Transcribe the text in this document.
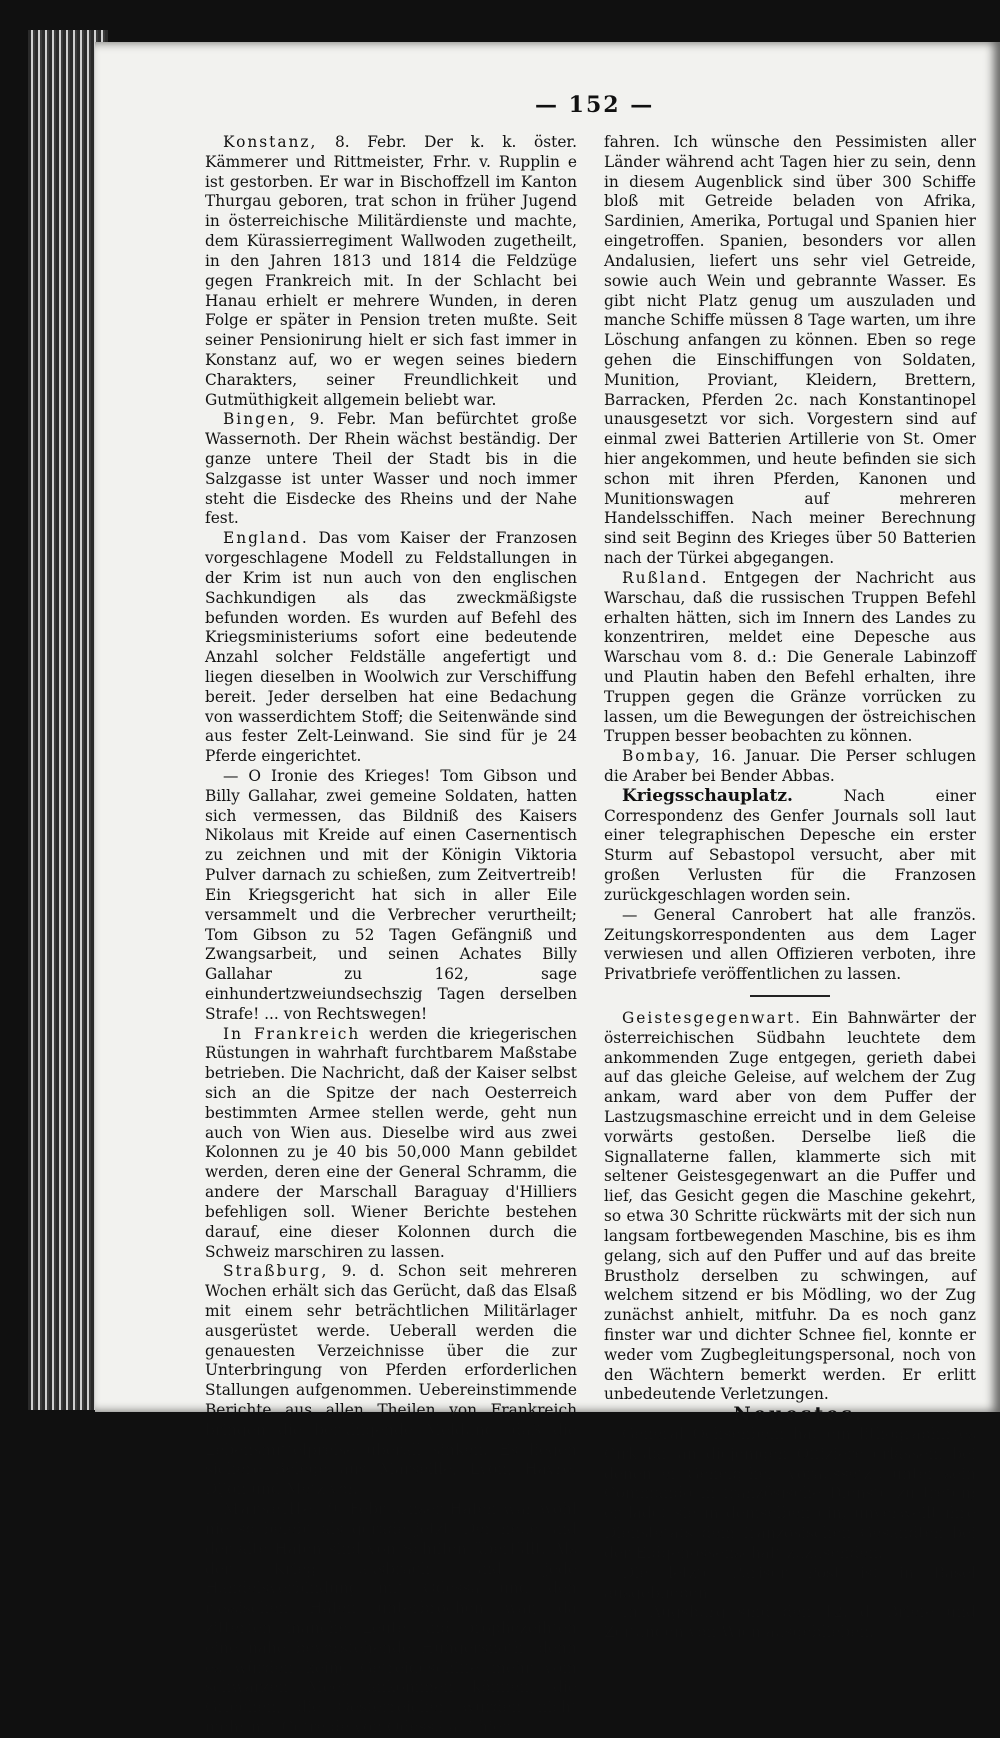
— 152 —

Konstanz, 8. Febr. Der k. k. öster. Kämmerer und Rittmeister, Frhr. v. Rupplin e ist gestorben. Er war in Bischoffzell im Kanton Thurgau geboren, trat schon in früher Jugend in österreichische Militärdienste und machte, dem Kürassierregiment Wallwoden zugetheilt, in den Jahren 1813 und 1814 die Feldzüge gegen Frankreich mit. In der Schlacht bei Hanau erhielt er mehrere Wunden, in deren Folge er später in Pension treten mußte. Seit seiner Pensionirung hielt er sich fast immer in Konstanz auf, wo er wegen seines biedern Charakters, seiner Freundlichkeit und Gutmüthigkeit allgemein beliebt war.

Bingen, 9. Febr. Man befürchtet große Wassernoth. Der Rhein wächst beständig. Der ganze untere Theil der Stadt bis in die Salzgasse ist unter Wasser und noch immer steht die Eisdecke des Rheins und der Nahe fest.

England. Das vom Kaiser der Franzosen vorgeschlagene Modell zu Feldstallungen in der Krim ist nun auch von den englischen Sachkundigen als das zweckmäßigste befunden worden. Es wurden auf Befehl des Kriegsministeriums sofort eine bedeutende Anzahl solcher Feldställe angefertigt und liegen dieselben in Woolwich zur Verschiffung bereit. Jeder derselben hat eine Bedachung von wasserdichtem Stoff; die Seitenwände sind aus fester Zelt-Leinwand. Sie sind für je 24 Pferde eingerichtet.

— O Ironie des Krieges! Tom Gibson und Billy Gallahar, zwei gemeine Soldaten, hatten sich vermessen, das Bildniß des Kaisers Nikolaus mit Kreide auf einen Casernentisch zu zeichnen und mit der Königin Viktoria Pulver darnach zu schießen, zum Zeitvertreib! Ein Kriegsgericht hat sich in aller Eile versammelt und die Verbrecher verurtheilt; Tom Gibson zu 52 Tagen Gefängniß und Zwangsarbeit, und seinen Achates Billy Gallahar zu 162, sage einhundertzweiundsechszig Tagen derselben Strafe! ... von Rechtswegen!

In Frankreich werden die kriegerischen Rüstungen in wahrhaft furchtbarem Maßstabe betrieben. Die Nachricht, daß der Kaiser selbst sich an die Spitze der nach Oesterreich bestimmten Armee stellen werde, geht nun auch von Wien aus. Dieselbe wird aus zwei Kolonnen zu je 40 bis 50,000 Mann gebildet werden, deren eine der General Schramm, die andere der Marschall Baraguay d'Hilliers befehligen soll. Wiener Berichte bestehen darauf, eine dieser Kolonnen durch die Schweiz marschiren zu lassen.

Straßburg, 9. d. Schon seit mehreren Wochen erhält sich das Gerücht, daß das Elsaß mit einem sehr beträchtlichen Militärlager ausgerüstet werde. Ueberall werden die genauesten Verzeichnisse über die zur Unterbringung von Pferden erforderlichen Stallungen aufgenommen. Uebereinstimmende Berichte aus allen Theilen von Frankreich bringen die beruhigende Meldung, daß die Lebensmittelpreise überall sinken. Es liegen sichere Belege aus Marseille, Lyon, Havre, Dijon und Metz vor.

Marseille, 9. Febr. Unser Hafen war wohl nie so belebt als gerade jetzt. Der neue und der alte Hafen sind von Schiffen überfüllt. Als der Krieg ausbrach und jede Handelsverbindung mit Odessa und den russischen Häfen unterbrochen war, da zitterten manche Leute und prophezeihten eine nahe bevorstehende Hungersnoth, denn es würden keine Getreideschiffe mehr vom schwarzen Meer ankommen können, die Griechen, die Oesterreicher würden nicht mehr mit Getreide von Odessa auf hier

fahren. Ich wünsche den Pessimisten aller Länder während acht Tagen hier zu sein, denn in diesem Augenblick sind über 300 Schiffe bloß mit Getreide beladen von Afrika, Sardinien, Amerika, Portugal und Spanien hier eingetroffen. Spanien, besonders vor allen Andalusien, liefert uns sehr viel Getreide, sowie auch Wein und gebrannte Wasser. Es gibt nicht Platz genug um auszuladen und manche Schiffe müssen 8 Tage warten, um ihre Löschung anfangen zu können. Eben so rege gehen die Einschiffungen von Soldaten, Munition, Proviant, Kleidern, Brettern, Barracken, Pferden 2c. nach Konstantinopel unausgesetzt vor sich. Vorgestern sind auf einmal zwei Batterien Artillerie von St. Omer hier angekommen, und heute befinden sie sich schon mit ihren Pferden, Kanonen und Munitionswagen auf mehreren Handelsschiffen. Nach meiner Berechnung sind seit Beginn des Krieges über 50 Batterien nach der Türkei abgegangen.

Rußland. Entgegen der Nachricht aus Warschau, daß die russischen Truppen Befehl erhalten hätten, sich im Innern des Landes zu konzentriren, meldet eine Depesche aus Warschau vom 8. d.: Die Generale Labinzoff und Plautin haben den Befehl erhalten, ihre Truppen gegen die Gränze vorrücken zu lassen, um die Bewegungen der östreichischen Truppen besser beobachten zu können.

Bombay, 16. Januar. Die Perser schlugen die Araber bei Bender Abbas.

Kriegsschauplatz.	Nach einer Correspondenz des Genfer Journals soll laut einer telegraphischen Depesche ein erster Sturm auf Sebastopol versucht, aber mit großen Verlusten für die Franzosen zurückgeschlagen worden sein.

— General Canrobert hat alle französ. Zeitungskorrespondenten aus dem Lager verwiesen und allen Offizieren verboten, ihre Privatbriefe veröffentlichen zu lassen.

Geistesgegenwart. Ein Bahnwärter der österreichischen Südbahn leuchtete dem ankommenden Zuge entgegen, gerieth dabei auf das gleiche Geleise, auf welchem der Zug ankam, ward aber von dem Puffer der Lastzugsmaschine erreicht und in dem Geleise vorwärts gestoßen. Derselbe ließ die Signallaterne fallen, klammerte sich mit seltener Geistesgegenwart an die Puffer und lief, das Gesicht gegen die Maschine gekehrt, so etwa 30 Schritte rückwärts mit der sich nun langsam fortbewegenden Maschine, bis es ihm gelang, sich auf den Puffer und auf das breite Brustholz derselben zu schwingen, auf welchem sitzend er bis Mödling, wo der Zug zunächst anhielt, mitfuhr. Da es noch ganz finster war und dichter Schnee fiel, konnte er weder vom Zugbegleitungspersonal, noch von den Wächtern bemerkt werden. Er erlitt unbedeutende Verletzungen.

Neuestes.

General Ochsenbein hat ein lithographirtes Cirkular an diejenigen Offiziere erlassen, bei denen er Geneigtheit voraussetzt, unter sein Commando in französische Dienste zu treten; er ladet sie in demselben ein, unverweilt ihre Dienstetats dem französischen Gesandten bei der Eidgenossenschaft zuzusenden.

Die letzte Pariser Post ist in Basel ausgeblieben.

In Augsburg sind den 12. d. Briefe und Zeitungen von Wien ausgeblieben.
